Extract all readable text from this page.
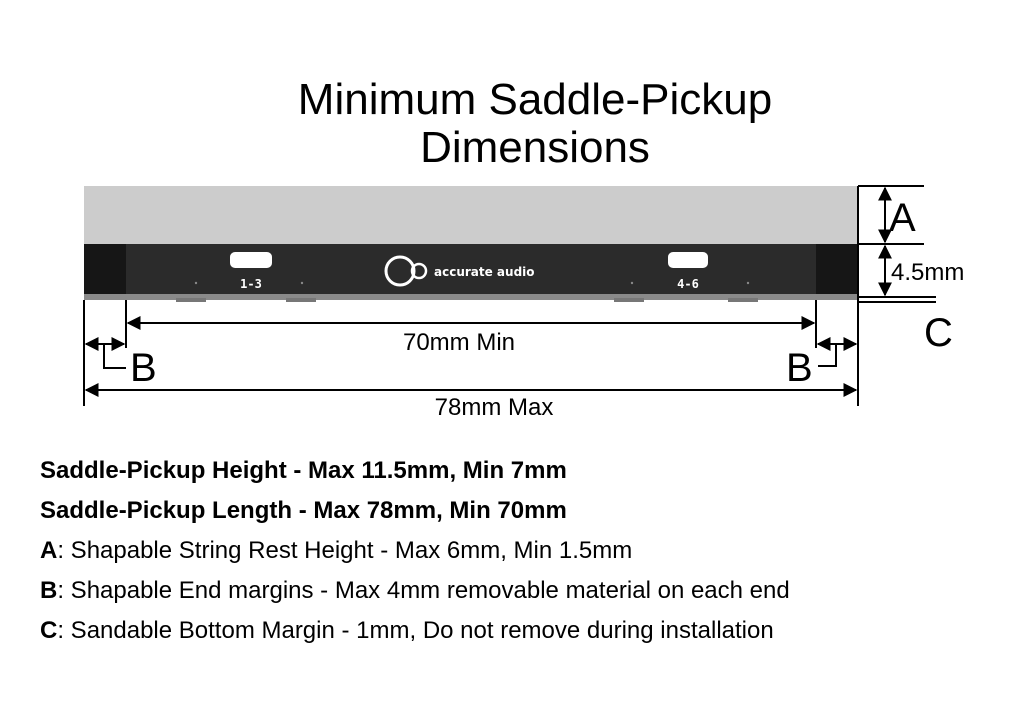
Minimum Saddle-Pickup
Dimensions
1-3	4-6
accurate audio
A
4.5mm
C
B	B
70mm Min
78mm Max
Saddle-Pickup Height - Max 11.5mm, Min 7mm
Saddle-Pickup Length - Max 78mm, Min 70mm
A: Shapable String Rest Height - Max 6mm, Min 1.5mm
B: Shapable End margins - Max 4mm removable material on each end
C: Sandable Bottom Margin - 1mm, Do not remove during installation
